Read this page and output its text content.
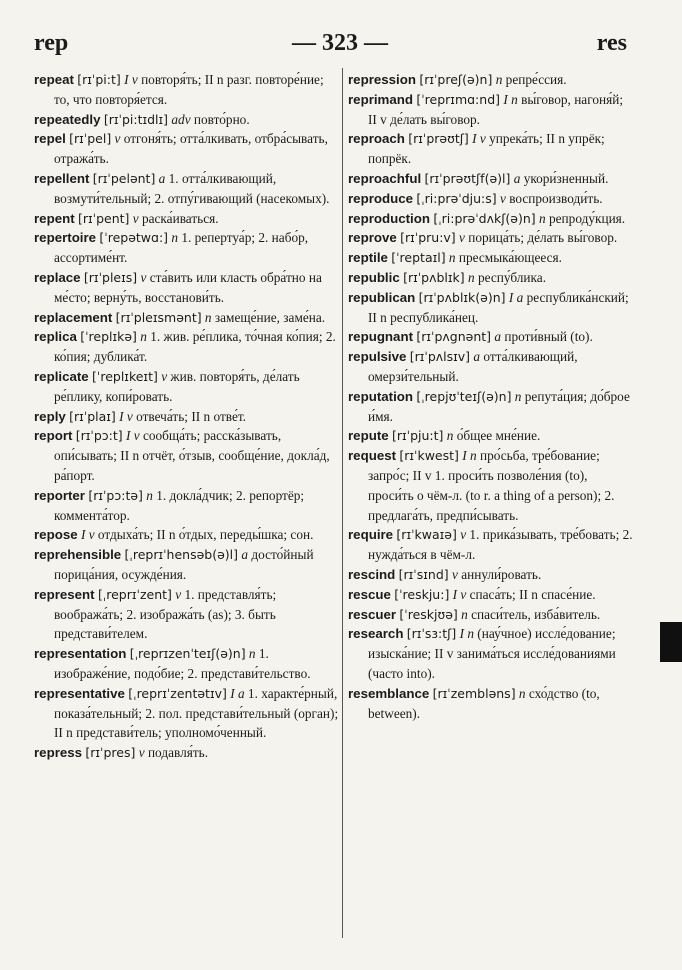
rep	— 323 —	res

repeat [rɪˈpi:t] I v повторя́ть; II n разг. повторе́ние; то, что повторя́ется.

repeatedly [rɪˈpi:tɪdlɪ] adv повто́рно.

repel [rɪˈpel] v отгоня́ть; отта́лкивать, отбра́сывать, отража́ть.

repellent [rɪˈpelənt] a 1. отта́лкивающий, возмути́тельный; 2. отпу́гивающий (насекомых).

repent [rɪˈpent] v раска́иваться.

repertoire [ˈrepətwɑ:] n 1. репертуа́р; 2. набо́р, ассортиме́нт.

replace [rɪˈpleɪs] v ста́вить или класть обра́тно на ме́сто; верну́ть, восстанови́ть.

replacement [rɪˈpleɪsmənt] n замеще́ние, заме́на.

replica [ˈreplɪkə] n 1. жив. ре́плика, то́чная ко́пия; 2. ко́пия; дублика́т.

replicate [ˈreplɪkeɪt] v жив. повторя́ть, де́лать ре́плику, копи́ровать.

reply [rɪˈplaɪ] I v отвеча́ть; II n отве́т.

report [rɪˈpɔ:t] I v сообща́ть; расска́зывать, опи́сывать; II n отчёт, о́тзыв, сообще́ние, докла́д, ра́порт.

reporter [rɪˈpɔ:tə] n 1. докла́дчик; 2. репортёр; коммента́тор.

repose I v отдыха́ть; II n о́тдых, переды́шка; сон.

reprehensible [ˌreprɪˈhensəb(ə)l] a досто́йный порица́ния, осужде́ния.

represent [ˌreprɪˈzent] v 1. представля́ть; вообража́ть; 2. изобража́ть (as); 3. быть представи́телем.

representation [ˌreprɪzenˈteɪʃ(ə)n] n 1. изображе́ние, подо́бие; 2. представи́тельство.

representative [ˌreprɪˈzentətɪv] I a 1. характе́рный, показа́тельный; 2. пол. представи́тельный (орган); II n представи́тель; уполномо́ченный.

repress [rɪˈpres] v подавля́ть.

repression [rɪˈpreʃ(ə)n] n репре́ссия.

reprimand [ˈreprɪmɑ:nd] I n вы́говор, нагоня́й; II v де́лать вы́говор.

reproach [rɪˈprəʊtʃ] I v упрека́ть; II n упрёк; попрёк.

reproachful [rɪˈprəʊtʃf(ə)l] a укори́зненный.

reproduce [ˌri:prəˈdju:s] v воспроизводи́ть.

reproduction [ˌri:prəˈdʌkʃ(ə)n] n репроду́кция.

reprove [rɪˈpru:v] v порица́ть; де́лать вы́говор.

reptile [ˈreptaɪl] n пресмыка́ющееся.

republic [rɪˈpʌblɪk] n респу́блика.

republican [rɪˈpʌblɪk(ə)n] I a республика́нский; II n республика́нец.

repugnant [rɪˈpʌgnənt] a проти́вный (to).

repulsive [rɪˈpʌlsɪv] a отта́лкивающий, омерзи́тельный.

reputation [ˌrepjʊˈteɪʃ(ə)n] n репута́ция; до́брое и́мя.

repute [rɪˈpju:t] n о́бщее мне́ние.

request [rɪˈkwest] I n про́сьба, тре́бование; запро́с; II v 1. проси́ть позволе́ния (to), проси́ть о чём-л. (to r. a thing of a person); 2. предлага́ть, предпи́сывать.

require [rɪˈkwaɪə] v 1. прика́зывать, тре́бовать; 2. нужда́ться в чём-л.

rescind [rɪˈsɪnd] v аннули́ровать.

rescue [ˈreskju:] I v спаса́ть; II n спасе́ние.

rescuer [ˈreskjʊə] n спаси́тель, изба́витель.

research [rɪˈsɜ:tʃ] I n (нау́чное) иссле́дование; изыска́ние; II v занима́ться иссле́дованиями (часто into).

resemblance [rɪˈzembləns] n схо́дство (to, between).
